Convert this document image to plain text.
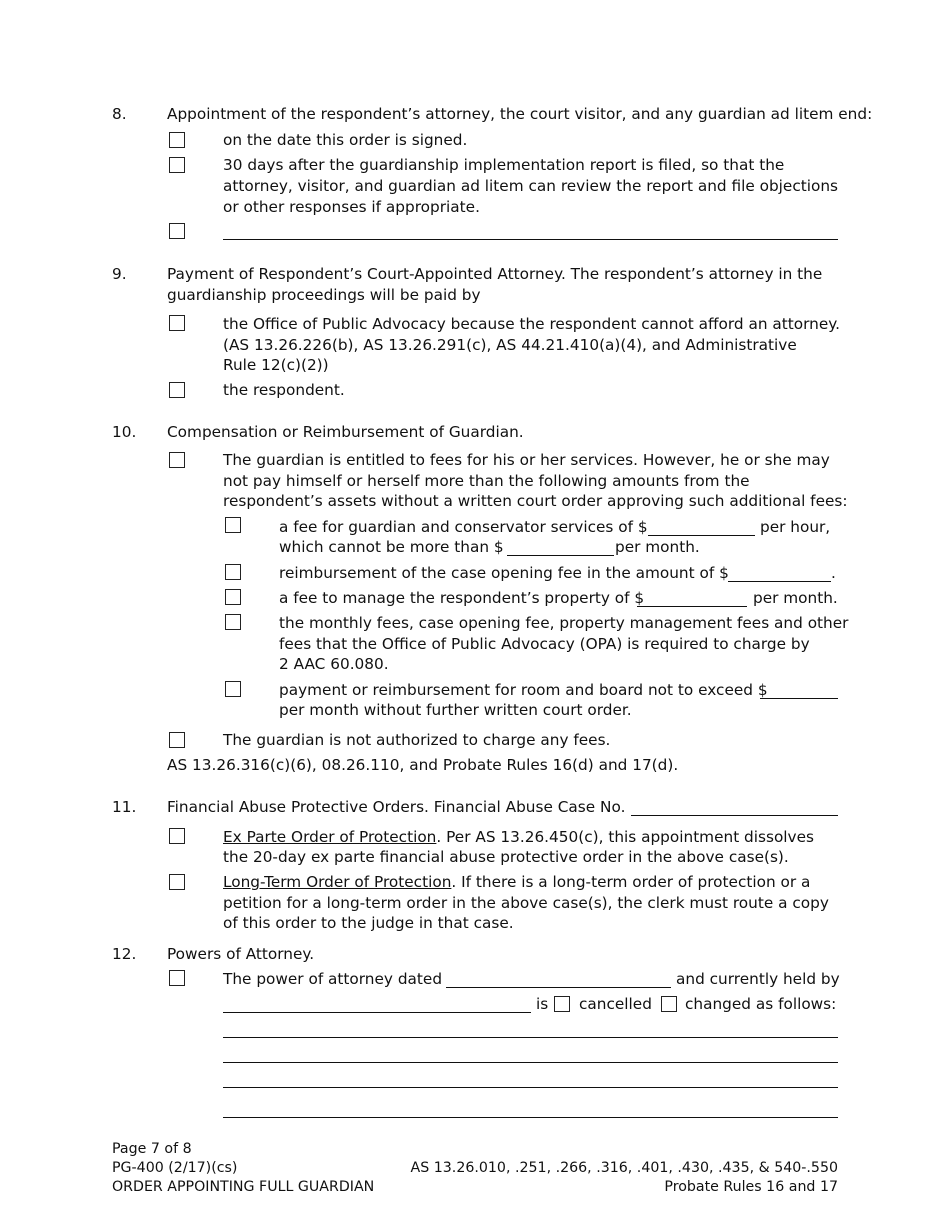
8.	Appointment of the respondent’s attorney, the court visitor, and any guardian ad litem end:
on the date this order is signed.
30 days after the guardianship implementation report is filed, so that the
attorney, visitor, and guardian ad litem can review the report and file objections
or other responses if appropriate.
9.	Payment of Respondent’s Court-Appointed Attorney. The respondent’s attorney in the
guardianship proceedings will be paid by
the Office of Public Advocacy because the respondent cannot afford an attorney.
(AS 13.26.226(b), AS 13.26.291(c), AS 44.21.410(a)(4), and Administrative
Rule 12(c)(2))
the respondent.
10. Compensation or Reimbursement of Guardian.
The guardian is entitled to fees for his or her services. However, he or she may
not pay himself or herself more than the following amounts from the
respondent’s assets without a written court order approving such additional fees:
a fee for guardian and conservator services of $	per hour,
which cannot be more than $	per month.
reimbursement of the case opening fee in the amount of $	.
a fee to manage the respondent’s property of $	per month.
the monthly fees, case opening fee, property management fees and other
fees that the Office of Public Advocacy (OPA) is required to charge by
2 AAC 60.080.
payment or reimbursement for room and board not to exceed $
per month without further written court order.
The guardian is not authorized to charge any fees.
AS 13.26.316(c)(6), 08.26.110, and Probate Rules 16(d) and 17(d).
11. Financial Abuse Protective Orders. Financial Abuse Case No.
Ex Parte Order of Protection. Per AS 13.26.450(c), this appointment dissolves
the 20-day ex parte financial abuse protective order in the above case(s).
Long-Term Order of Protection. If there is a long-term order of protection or a
petition for a long-term order in the above case(s), the clerk must route a copy
of this order to the judge in that case.
12. Powers of Attorney.
The power of attorney dated	and currently held by
is cancelled changed as follows:
Page 7 of 8
PG-400 (2/17)(cs)
ORDER APPOINTING FULL GUARDIAN
AS 13.26.010, .251, .266, .316, .401, .430, .435, & 540-.550
Probate Rules 16 and 17
